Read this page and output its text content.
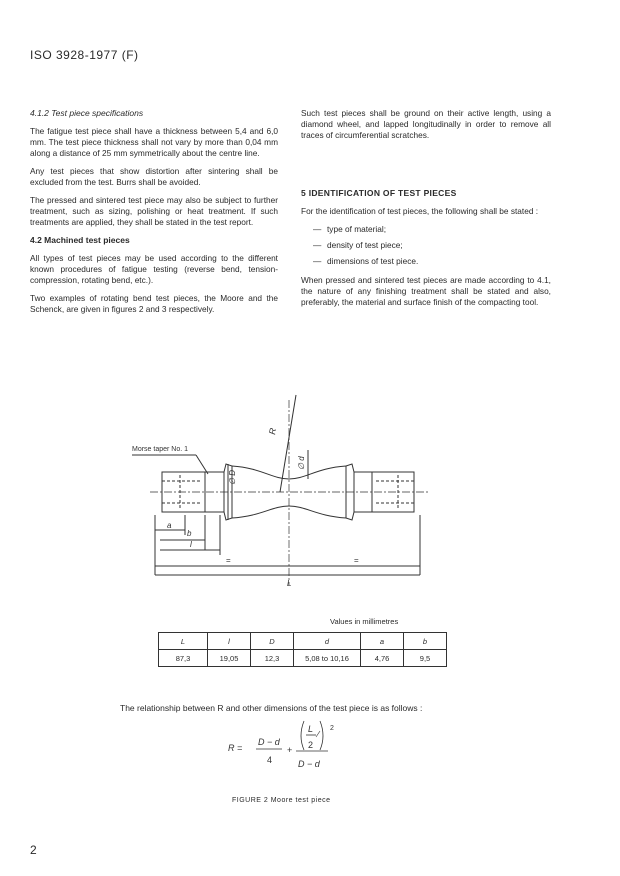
ISO 3928-1977 (F)

4.1.2 Test piece specifications

The fatigue test piece shall have a thickness between 5,4 and 6,0 mm. The test piece thickness shall not vary by more than 0,04 mm along a distance of 25 mm symmetrically about the centre line.

Any test pieces that show distortion after sintering shall be excluded from the test. Burrs shall be avoided.

The pressed and sintered test piece may also be subject to further treatment, such as sizing, polishing or heat treatment. If such treatments are applied, they shall be stated in the test report.

4.2 Machined test pieces

All types of test pieces may be used according to the different known procedures of fatigue testing (reverse bend, tension-compression, rotating bend, etc.).

Two examples of rotating bend test pieces, the Moore and the Schenck, are given in figures 2 and 3 respectively.

Such test pieces shall be ground on their active length, using a diamond wheel, and lapped longitudinally in order to remove all traces of circumferential scratches.

5 IDENTIFICATION OF TEST PIECES

For the identification of test pieces, the following shall be stated :

— type of material;
— density of test piece;
— dimensions of test piece.

When pressed and sintered test pieces are made according to 4.1, the nature of any finishing treatment shall be stated and also, preferably, the material and surface finish of the compacting tool.

Morse taper No. 1
R
∅ d
∅ D
a
b
l
=	=
L
Values in millimetres
L	l	D	d	a	b
87,3	19,05	12,3	5,08 to 10,16	4,76	9,5
The relationship between R and other dimensions of the test piece is as follows :
R =
D − d
4
+
L
2
2
D − d
FIGURE 2 Moore test piece
2
